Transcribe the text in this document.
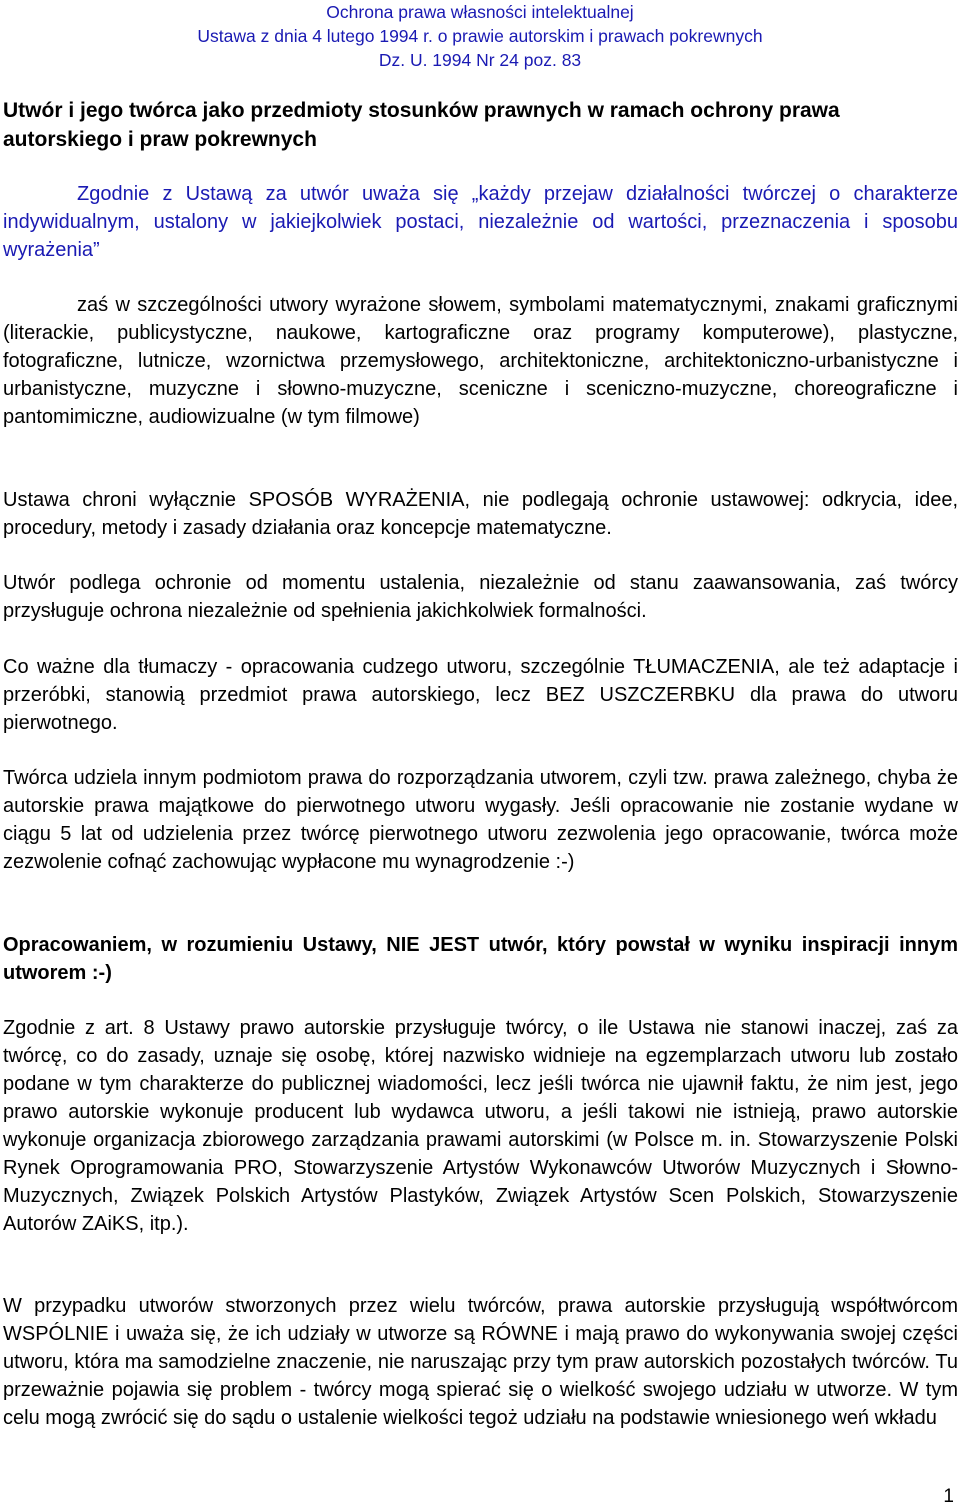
Ochrona prawa własności intelektualnej
Ustawa z dnia 4 lutego 1994 r. o prawie autorskim i prawach pokrewnych
Dz. U. 1994 Nr 24 poz. 83
Utwór i jego twórca jako przedmioty stosunków prawnych w ramach ochrony prawa autorskiego i praw pokrewnych

Zgodnie z Ustawą za utwór uważa się „każdy przejaw działalności twórczej o charakterze indywidualnym, ustalony w jakiejkolwiek postaci, niezależnie od wartości, przeznaczenia i sposobu wyrażenia”

zaś w szczególności utwory wyrażone słowem, symbolami matematycznymi, znakami graficznymi (literackie, publicystyczne, naukowe, kartograficzne oraz programy komputerowe), plastyczne, fotograficzne, lutnicze, wzornictwa przemysłowego, architektoniczne, architektoniczno-urbanistyczne i urbanistyczne, muzyczne i słowno-muzyczne, sceniczne i sceniczno-muzyczne, choreograficzne i pantomimiczne, audiowizualne (w tym filmowe)

Ustawa chroni wyłącznie SPOSÓB WYRAŻENIA, nie podlegają ochronie ustawowej: odkrycia, idee, procedury, metody i zasady działania oraz koncepcje matematyczne.

Utwór podlega ochronie od momentu ustalenia, niezależnie od stanu zaawansowania, zaś twórcy przysługuje ochrona niezależnie od spełnienia jakichkolwiek formalności.

Co ważne dla tłumaczy - opracowania cudzego utworu, szczególnie TŁUMACZENIA, ale też adaptacje i przeróbki, stanowią przedmiot prawa autorskiego, lecz BEZ USZCZERBKU dla prawa do utworu pierwotnego.

Twórca udziela innym podmiotom prawa do rozporządzania utworem, czyli tzw. prawa zależnego, chyba że autorskie prawa majątkowe do pierwotnego utworu wygasły. Jeśli opracowanie nie zostanie wydane w ciągu 5 lat od udzielenia przez twórcę pierwotnego utworu zezwolenia jego opracowanie, twórca może zezwolenie cofnąć zachowując wypłacone mu wynagrodzenie :-)

Opracowaniem, w rozumieniu Ustawy, NIE JEST utwór, który powstał w wyniku inspiracji innym utworem :-)

Zgodnie z art. 8 Ustawy prawo autorskie przysługuje twórcy, o ile Ustawa nie stanowi inaczej, zaś za twórcę, co do zasady, uznaje się osobę, której nazwisko widnieje na egzemplarzach utworu lub zostało podane w tym charakterze do publicznej wiadomości, lecz jeśli twórca nie ujawnił faktu, że nim jest, jego prawo autorskie wykonuje producent lub wydawca utworu, a jeśli takowi nie istnieją, prawo autorskie wykonuje organizacja zbiorowego zarządzania prawami autorskimi (w Polsce m. in. Stowarzyszenie Polski Rynek Oprogramowania PRO, Stowarzyszenie Artystów Wykonawców Utworów Muzycznych i Słowno-Muzycznych, Związek Polskich Artystów Plastyków, Związek Artystów Scen Polskich, Stowarzyszenie Autorów ZAiKS, itp.).

W przypadku utworów stworzonych przez wielu twórców, prawa autorskie przysługują współtwórcom WSPÓLNIE i uważa się, że ich udziały w utworze są RÓWNE i mają prawo do wykonywania swojej części utworu, która ma samodzielne znaczenie, nie naruszając przy tym praw autorskich pozostałych twórców. Tu przeważnie pojawia się problem - twórcy mogą spierać się o wielkość swojego udziału w utworze. W tym celu mogą zwrócić się do sądu o ustalenie wielkości tegoż udziału na podstawie wniesionego weń wkładu

1
